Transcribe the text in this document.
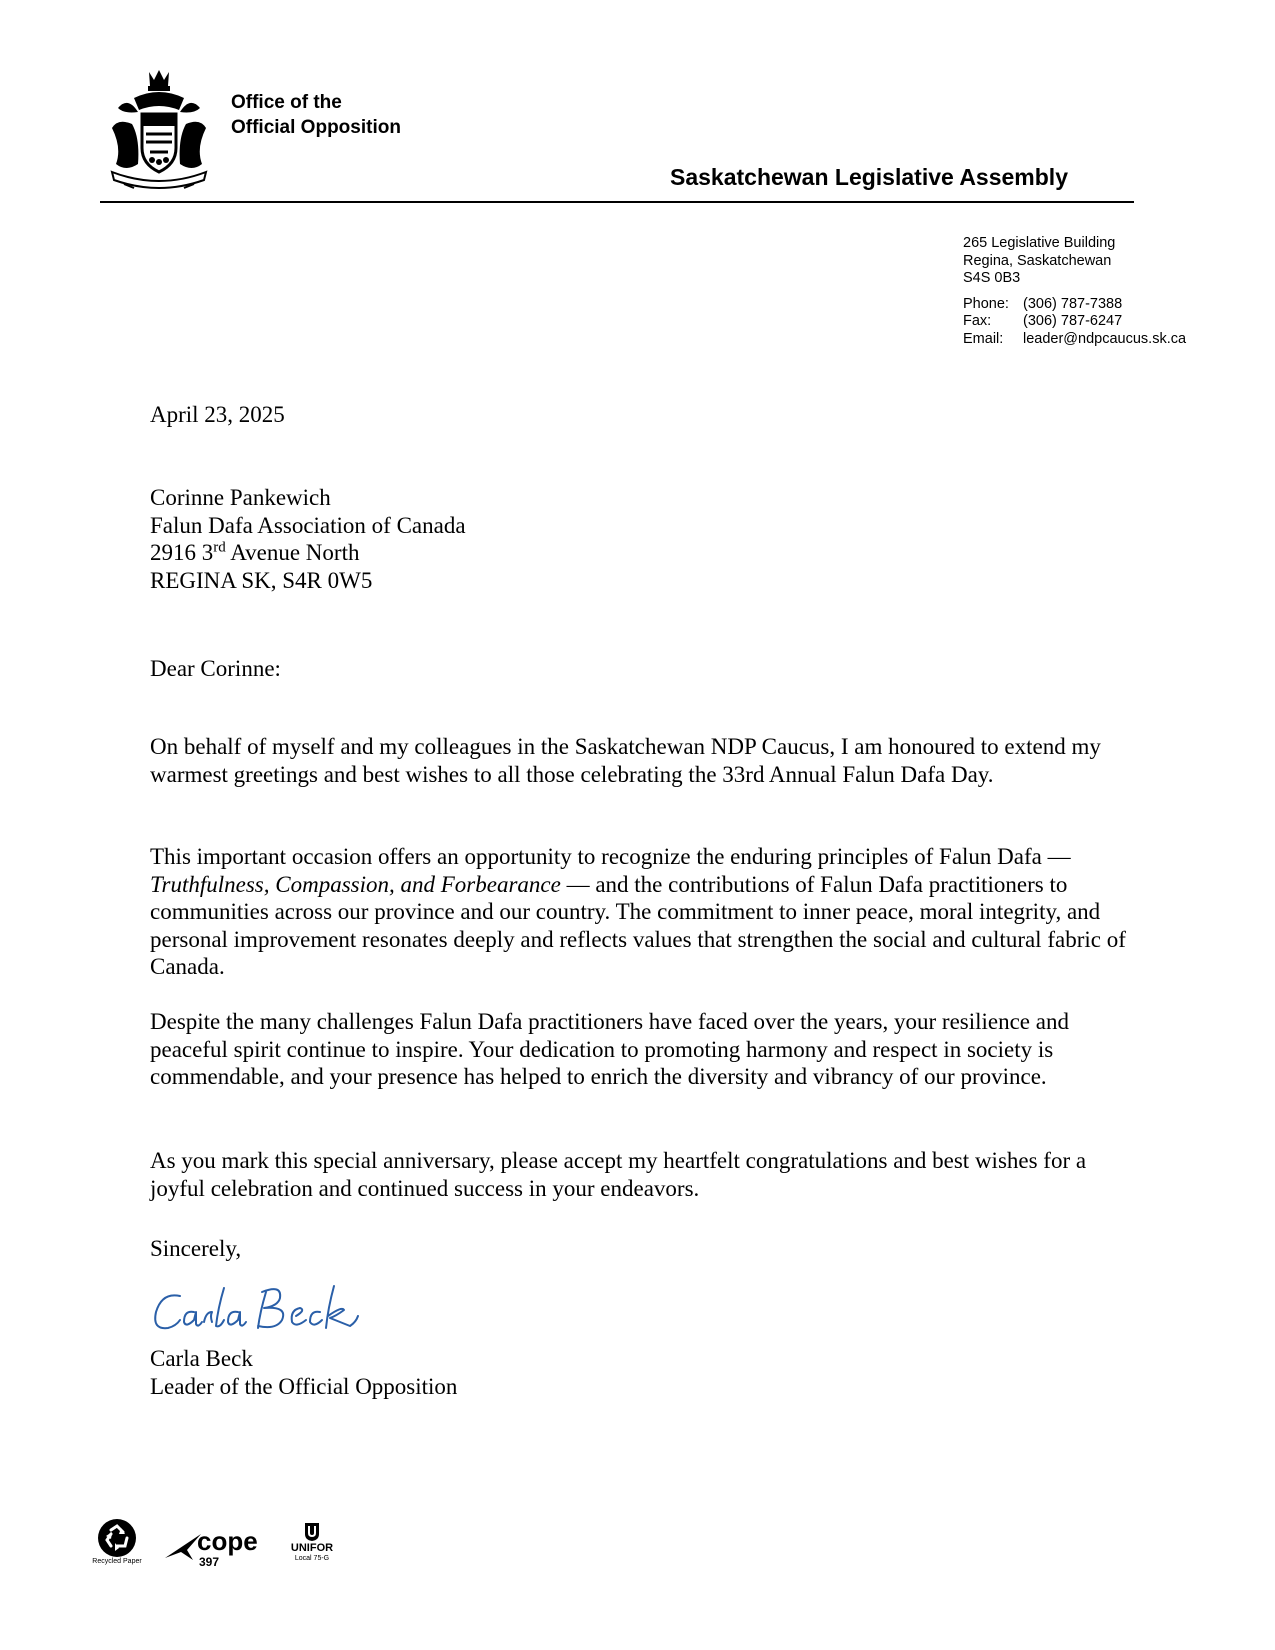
Office of the
Official Opposition
Saskatchewan Legislative Assembly
265 Legislative Building
Regina, Saskatchewan
S4S 0B3
Phone: (306) 787-7388
Fax: (306) 787-6247
Email: leader@ndpcaucus.sk.ca
April 23, 2025
Corinne Pankewich
Falun Dafa Association of Canada
2916 3rd Avenue North
REGINA SK, S4R 0W5
Dear Corinne:

On behalf of myself and my colleagues in the Saskatchewan NDP Caucus, I am honoured to extend my warmest greetings and best wishes to all those celebrating the 33rd Annual Falun Dafa Day.

This important occasion offers an opportunity to recognize the enduring principles of Falun Dafa — Truthfulness, Compassion, and Forbearance — and the contributions of Falun Dafa practitioners to communities across our province and our country. The commitment to inner peace, moral integrity, and personal improvement resonates deeply and reflects values that strengthen the social and cultural fabric of Canada.

Despite the many challenges Falun Dafa practitioners have faced over the years, your resilience and peaceful spirit continue to inspire. Your dedication to promoting harmony and respect in society is commendable, and your presence has helped to enrich the diversity and vibrancy of our province.

As you mark this special anniversary, please accept my heartfelt congratulations and best wishes for a joyful celebration and continued success in your endeavors.

Sincerely,
Carla Beck
Leader of the Official Opposition
Recycled Paper
cope
397
UNIFOR
Local 75-G
